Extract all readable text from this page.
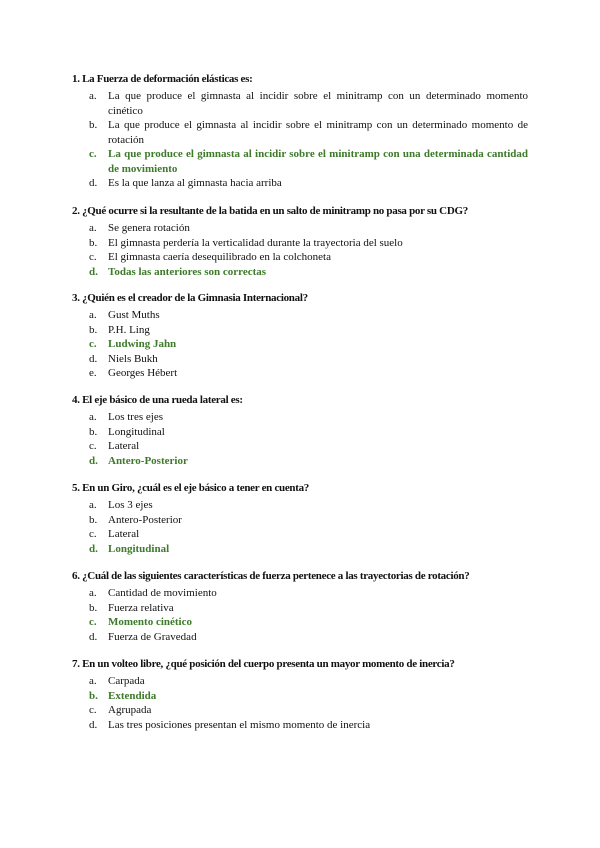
1. La Fuerza de deformación elásticas es:

a.	La que produce el gimnasta al incidir sobre el minitramp con un determinado momento cinético
b. La que produce el gimnasta al incidir sobre el minitramp con un determinado momento de rotación
c.	La que produce el gimnasta al incidir sobre el minitramp con una determinada cantidad de movimiento
d. Es la que lanza al gimnasta hacia arriba

2. ¿Qué ocurre si la resultante de la batida en un salto de minitramp no pasa por su CDG?

a.	Se genera rotación
b. El gimnasta perdería la verticalidad durante la trayectoria del suelo
c.	El gimnasta caería desequilibrado en la colchoneta
d. Todas las anteriores son correctas

3. ¿Quién es el creador de la Gimnasia Internacional?

a.	Gust Muths
b. P.H. Ling
c.	Ludwing Jahn
d. Niels Bukh
e.	Georges Hébert

4. El eje básico de una rueda lateral es:

a.	Los tres ejes
b. Longitudinal
c.	Lateral
d. Antero-Posterior

5. En un Giro, ¿cuál es el eje básico a tener en cuenta?

a.	Los 3 ejes
b. Antero-Posterior
c.	Lateral
d. Longitudinal

6. ¿Cuál de las siguientes características de fuerza pertenece a las trayectorias de rotación?

a.	Cantidad de movimiento
b. Fuerza relativa
c.	Momento cinético
d. Fuerza de Gravedad

7. En un volteo libre, ¿qué posición del cuerpo presenta un mayor momento de inercia?

a.	Carpada
b. Extendida
c.	Agrupada
d. Las tres posiciones presentan el mismo momento de inercia
